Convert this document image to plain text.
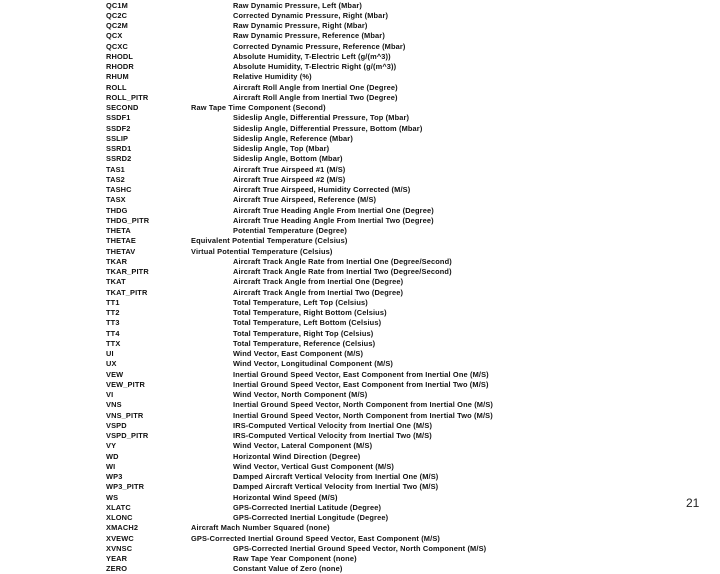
QC1M	Raw Dynamic Pressure, Left (Mbar)
QC2C	Corrected Dynamic Pressure, Right (Mbar)
QC2M	Raw Dynamic Pressure, Right (Mbar)
QCX	Raw Dynamic Pressure, Reference (Mbar)
QCXC	Corrected Dynamic Pressure, Reference (Mbar)
RHODL	Absolute Humidity, T-Electric Left (g/(m^3))
RHODR	Absolute Humidity, T-Electric Right (g/(m^3))
RHUM	Relative Humidity (%)
ROLL	Aircraft Roll Angle from Inertial One (Degree)
ROLL_PITR	Aircraft Roll Angle from Inertial Two (Degree)
SECOND	Raw Tape Time Component (Second)
SSDF1	Sideslip Angle, Differential Pressure, Top (Mbar)
SSDF2	Sideslip Angle, Differential Pressure, Bottom (Mbar)
SSLIP	Sideslip Angle, Reference (Mbar)
SSRD1	Sideslip Angle, Top (Mbar)
SSRD2	Sideslip Angle, Bottom (Mbar)
TAS1	Aircraft True Airspeed #1 (M/S)
TAS2	Aircraft True Airspeed #2 (M/S)
TASHC	Aircraft True Airspeed, Humidity Corrected (M/S)
TASX	Aircraft True Airspeed, Reference (M/S)
THDG	Aircraft True Heading Angle From Inertial One (Degree)
THDG_PITR	Aircraft True Heading Angle From Inertial Two (Degree)
THETA	Potential Temperature (Degree)
THETAE	Equivalent Potential Temperature (Celsius)
THETAV	Virtual Potential Temperature (Celsius)
TKAR	Aircraft Track Angle Rate from Inertial One (Degree/Second)
TKAR_PITR	Aircraft Track Angle Rate from Inertial Two (Degree/Second)
TKAT	Aircraft Track Angle from Inertial One (Degree)
TKAT_PITR	Aircraft Track Angle from Inertial Two (Degree)
TT1	Total Temperature, Left Top (Celsius)
TT2	Total Temperature, Right Bottom (Celsius)
TT3	Total Temperature, Left Bottom (Celsius)
TT4	Total Temperature, Right Top (Celsius)
TTX	Total Temperature, Reference (Celsius)
UI	Wind Vector, East Component (M/S)
UX	Wind Vector, Longitudinal Component (M/S)
VEW	Inertial Ground Speed Vector, East Component from Inertial One (M/S)
VEW_PITR	Inertial Ground Speed Vector, East Component from Inertial Two (M/S)
VI	Wind Vector, North Component (M/S)
VNS	Inertial Ground Speed Vector, North Component from Inertial One (M/S)
VNS_PITR	Inertial Ground Speed Vector, North Component from Inertial Two (M/S)
VSPD	IRS-Computed Vertical Velocity from Inertial One (M/S)
VSPD_PITR	IRS-Computed Vertical Velocity from Inertial Two (M/S)
VY	Wind Vector, Lateral Component (M/S)
WD	Horizontal Wind Direction (Degree)
WI	Wind Vector, Vertical Gust Component (M/S)
WP3	Damped Aircraft Vertical Velocity from Inertial One (M/S)
WP3_PITR	Damped Aircraft Vertical Velocity from Inertial Two (M/S)
WS	Horizontal Wind Speed (M/S)
XLATC	GPS-Corrected Inertial Latitude (Degree)
XLONC	GPS-Corrected Inertial Longitude (Degree)
XMACH2	Aircraft Mach Number Squared (none)
XVEWC	GPS-Corrected Inertial Ground Speed Vector, East Component (M/S)
XVNSC	GPS-Corrected Inertial Ground Speed Vector, North Component (M/S)
YEAR	Raw Tape Year Component (none)
ZERO	Constant Value of Zero (none)
21
